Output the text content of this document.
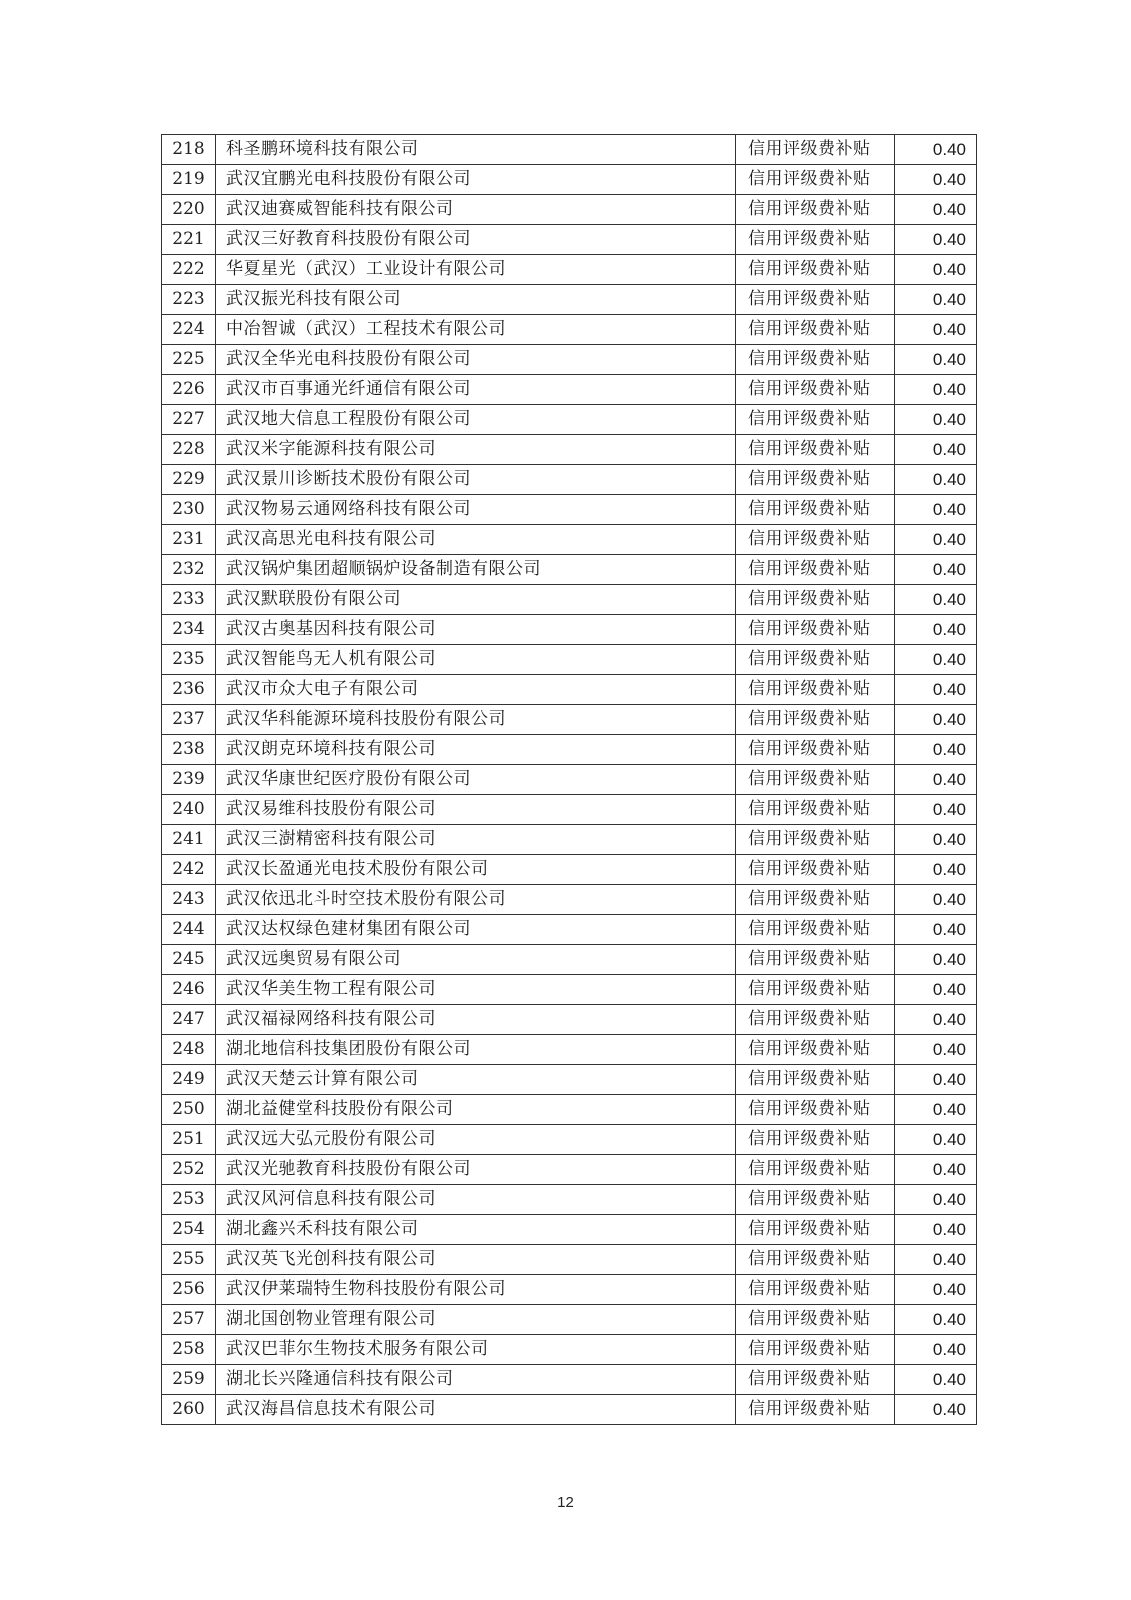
218	科圣鹏环境科技有限公司	信用评级费补贴	0.40
219	武汉宜鹏光电科技股份有限公司	信用评级费补贴	0.40
220	武汉迪赛威智能科技有限公司	信用评级费补贴	0.40
221	武汉三好教育科技股份有限公司	信用评级费补贴	0.40
222	华夏星光（武汉）工业设计有限公司	信用评级费补贴	0.40
223	武汉振光科技有限公司	信用评级费补贴	0.40
224	中冶智诚（武汉）工程技术有限公司	信用评级费补贴	0.40
225	武汉全华光电科技股份有限公司	信用评级费补贴	0.40
226	武汉市百事通光纤通信有限公司	信用评级费补贴	0.40
227	武汉地大信息工程股份有限公司	信用评级费补贴	0.40
228	武汉米字能源科技有限公司	信用评级费补贴	0.40
229	武汉景川诊断技术股份有限公司	信用评级费补贴	0.40
230	武汉物易云通网络科技有限公司	信用评级费补贴	0.40
231	武汉高思光电科技有限公司	信用评级费补贴	0.40
232	武汉锅炉集团超顺锅炉设备制造有限公司	信用评级费补贴	0.40
233	武汉默联股份有限公司	信用评级费补贴	0.40
234	武汉古奥基因科技有限公司	信用评级费补贴	0.40
235	武汉智能鸟无人机有限公司	信用评级费补贴	0.40
236	武汉市众大电子有限公司	信用评级费补贴	0.40
237	武汉华科能源环境科技股份有限公司	信用评级费补贴	0.40
238	武汉朗克环境科技有限公司	信用评级费补贴	0.40
239	武汉华康世纪医疗股份有限公司	信用评级费补贴	0.40
240	武汉易维科技股份有限公司	信用评级费补贴	0.40
241	武汉三澍精密科技有限公司	信用评级费补贴	0.40
242	武汉长盈通光电技术股份有限公司	信用评级费补贴	0.40
243	武汉依迅北斗时空技术股份有限公司	信用评级费补贴	0.40
244	武汉达权绿色建材集团有限公司	信用评级费补贴	0.40
245	武汉远奥贸易有限公司	信用评级费补贴	0.40
246	武汉华美生物工程有限公司	信用评级费补贴	0.40
247	武汉福禄网络科技有限公司	信用评级费补贴	0.40
248	湖北地信科技集团股份有限公司	信用评级费补贴	0.40
249	武汉天楚云计算有限公司	信用评级费补贴	0.40
250	湖北益健堂科技股份有限公司	信用评级费补贴	0.40
251	武汉远大弘元股份有限公司	信用评级费补贴	0.40
252	武汉光驰教育科技股份有限公司	信用评级费补贴	0.40
253	武汉风河信息科技有限公司	信用评级费补贴	0.40
254	湖北鑫兴禾科技有限公司	信用评级费补贴	0.40
255	武汉英飞光创科技有限公司	信用评级费补贴	0.40
256	武汉伊莱瑞特生物科技股份有限公司	信用评级费补贴	0.40
257	湖北国创物业管理有限公司	信用评级费补贴	0.40
258	武汉巴菲尔生物技术服务有限公司	信用评级费补贴	0.40
259	湖北长兴隆通信科技有限公司	信用评级费补贴	0.40
260	武汉海昌信息技术有限公司	信用评级费补贴	0.40
12
